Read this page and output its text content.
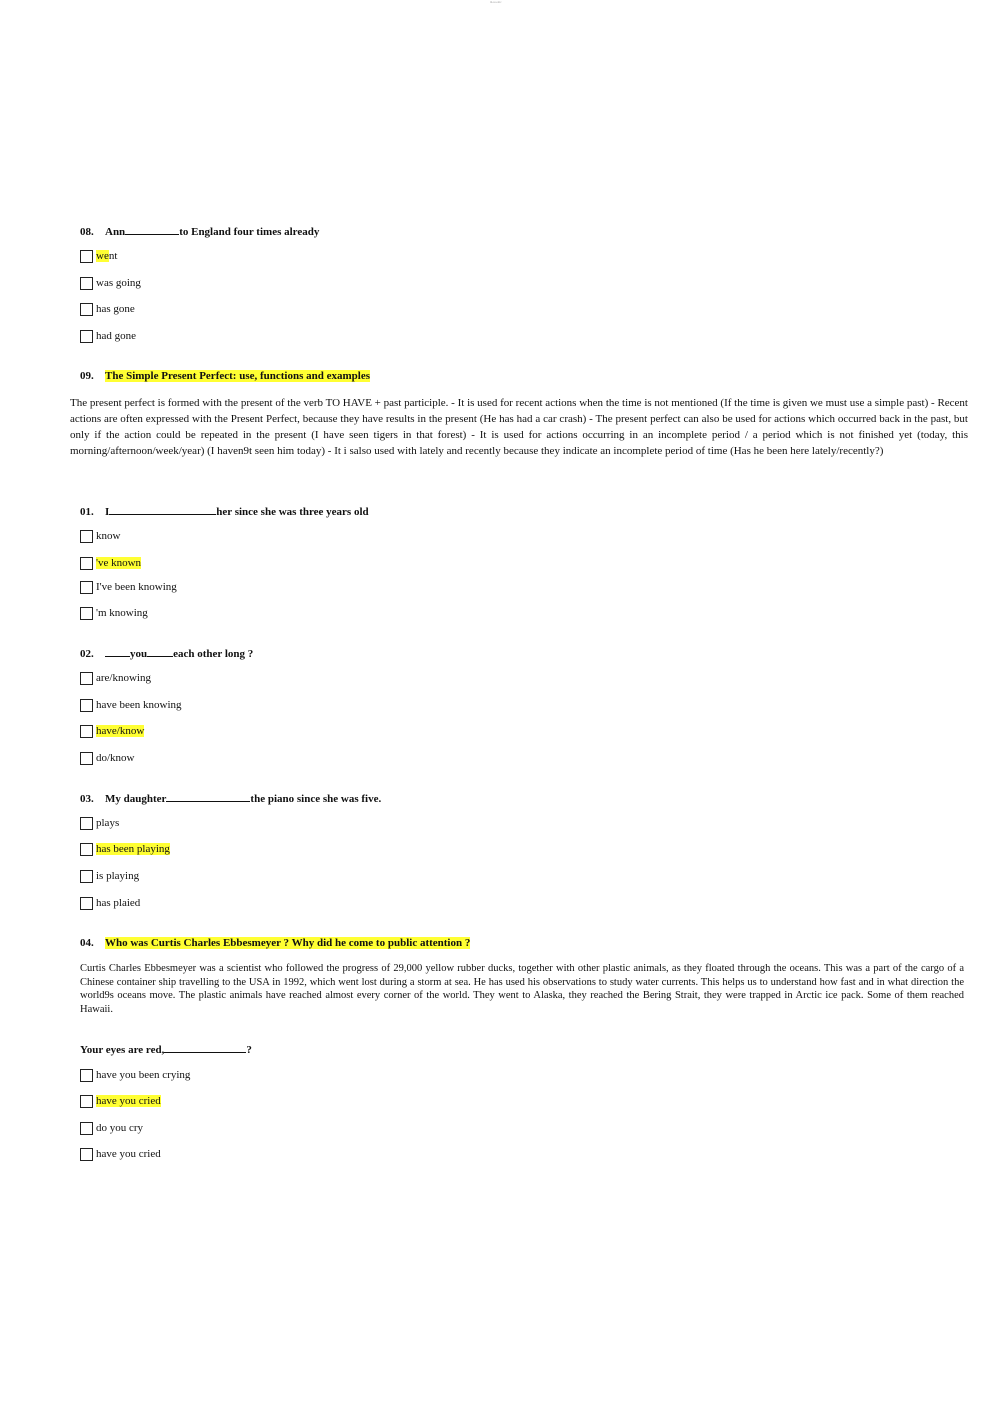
m.u.s.abc
08. Ann	to England four times already
went
was going
has gone
had gone
09. The Simple Present Perfect: use, functions and examples
The present perfect is formed with the present of the verb TO HAVE + past participle. - It is used for recent actions when the time is not mentioned (If the time is given we must use a simple past) - Recent actions are often expressed with the Present Perfect, because they have results in the present (He has had a car crash) - The present perfect can also be used for actions which occurred back in the past, but only if the action could be repeated in the present (I have seen tigers in that forest) - It is used for actions occurring in an incomplete period / a period which is not finished yet (today, this morning/afternoon/week/year) (I haven9t seen him today) - It i salso used with lately and recently because they indicate an incomplete period of time (Has he been here lately/recently?)
01. I	her since she was three years old
know
've known
I've been knowing
'm knowing
02.	you each other long ?
are/knowing
have been knowing
have/know
do/know
03. My daughter	the piano since she was five.
plays
has been playing
is playing
has plaied
04. Who was Curtis Charles Ebbesmeyer ? Why did he come to public attention ?
Curtis Charles Ebbesmeyer was a scientist who followed the progress of 29,000 yellow rubber ducks, together with other plastic animals, as they floated through the oceans. This was a part of the cargo of a Chinese container ship travelling to the USA in 1992, which went lost during a storm at sea. He has used his observations to study water currents. This helps us to understand how fast and in what direction the world9s oceans move. The plastic animals have reached almost every corner of the world. They went to Alaska, they reached the Bering Strait, they were trapped in Arctic ice pack. Some of them reached Hawaii.
Your eyes are red,	?
have you been crying
have you cried
do you cry
have you cried
